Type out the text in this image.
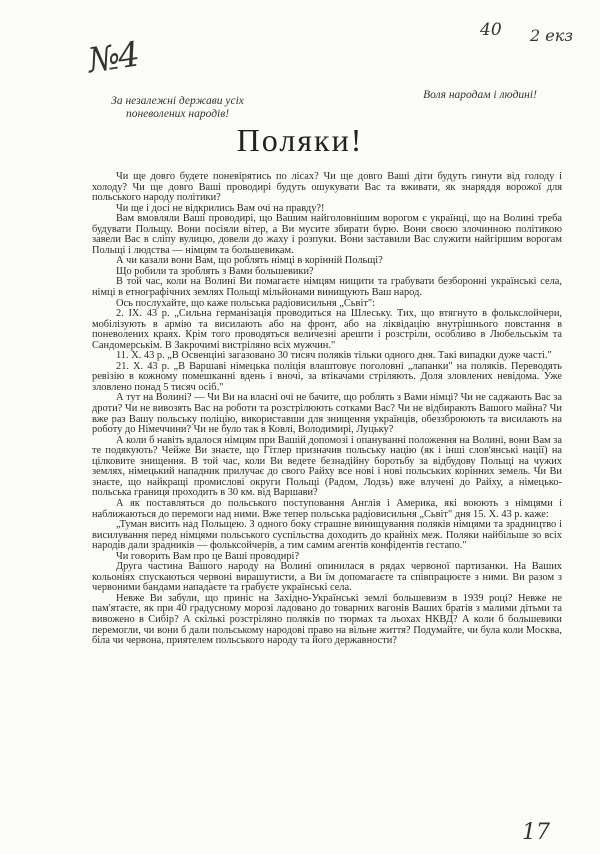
№4
40 2 екз
За незалежні держави усіх поневолених народів!
Воля народам і людині!
Поляки!

Чи ще довго будете поневірятись по лісах? Чи ще довго Ваші діти будуть гинути від голоду і холоду? Чи ще довго Ваші проводирі будуть ошукувати Вас та вживати, як знаряддя ворожої для польського народу політики?

Чи ще і досі не відкрились Вам очі на правду?!

Вам вмовляли Ваші проводирі, що Вашим найголовнішим ворогом є українці, що на Волині треба будувати Польщу. Вони посіяли вітер, а Ви мусите збирати бурю. Вони своєю злочинною політикою завели Вас в сліпу вулицю, довели до жаху і розпуки. Вони заставили Вас служити найгіршим ворогам Польщі і людства — німцям та большевикам.

А чи казали вони Вам, що роблять німці в корінній Польщі?

Що робили та зроблять з Вами большевики?

В той час, коли на Волині Ви помагаєте німцям нищити та грабувати безборонні українські села, німці в етнографічних землях Польщі мільйонами винищують Ваш народ.

Ось послухайте, що каже польська радіовисильня „Сьвіт":

2. IX. 43 р. „Сильна германізація проводиться на Шлеську. Тих, що втягнуто в фолькслойчери, мобілізують в армію та висилають або на фронт, або на ліквідацію внутрішнього повстання в поневолених краях. Крім того проводяться величезні арешти і розстріли, особливо в Любельськім та Сандомерськім. В Закрочимі вистріляно всіх мужчин."

11. X. 43 р. „В Освенціні загазовано 30 тисяч поляків тільки одного дня. Такі випадки дуже часті."

21. X. 43 р. „В Варшаві німецька поліція влаштовує поголовні „лапанки" на поляків. Переводять ревізію в кожному помешканні вдень і вночі, за втікачами стріляють. Доля зловлених невідома. Уже зловлено понад 5 тисяч осіб."

А тут на Волині? — Чи Ви на власні очі не бачите, що роблять з Вами німці? Чи не саджають Вас за дроти? Чи не вивозять Вас на роботи та розстрілюють сотками Вас? Чи не відбирають Вашого майна? Чи вже раз Вашу польську поліцію, використавши для знищення українців, обеззброюють та висилають на роботу до Німеччини? Чи не було так в Ковлі, Володимирі, Луцьку?

А коли б навіть вдалося німцям при Вашій допомозі і опануванні положення на Волині, вони Вам за те подякують? Чейже Ви знаєте, що Гітлер призначив польську націю (як і інші слов'янські нації) на цілковите знищення. В той час, коли Ви ведете безнадійну боротьбу за відбудову Польщі на чужих землях, німецький нападник прилучає до свого Райху все нові і нові польських корінних земель. Чи Ви знаєте, що найкращі промислові округи Польщі (Радом, Лодзь) вже влучені до Райху, а німецько-польська границя проходить в 30 км. від Варшави?

А як поставляться до польського поступовання Англія і Америка, які воюють з німцями і наближаються до перемоги над ними. Вже тепер польська радіовисильня „Сьвіт" дня 15. X. 43 р. каже:

„Туман висить над Польщею. З одного боку страшне винищування поляків німцями та зрадництво і висилування перед німцями польського суспільства доходить до крайніх меж. Поляки найбільше зо всіх народів дали зрадників — фольксойчерів, а тим самим агентів конфідентів гестапо."

Чи говорить Вам про це Ваші проводирі?

Друга частина Вашого народу на Волині опинилася в рядах червоної партизанки. На Ваших кольоніях спускаються червоні вирашутисти, а Ви їм допомагаєте та співпрацюєте з ними. Ви разом з червоними бандами нападаєте та грабуєте українські села.

Невже Ви забули, що приніс на Західно-Українські землі большевизм в 1939 році? Невже не пам'ятаєте, як при 40 градусному морозі ладовано до товарних вагонів Ваших братів з малими дітьми та вивожено в Сибір? А скількі розстріляно поляків по тюрмах та льохах НКВД? А коли б большевики перемогли, чи вони б дали польському народові право на вільне життя? Подумайте, чи була коли Москва, біла чи червона, приятелем польського народу та його державности?

17
